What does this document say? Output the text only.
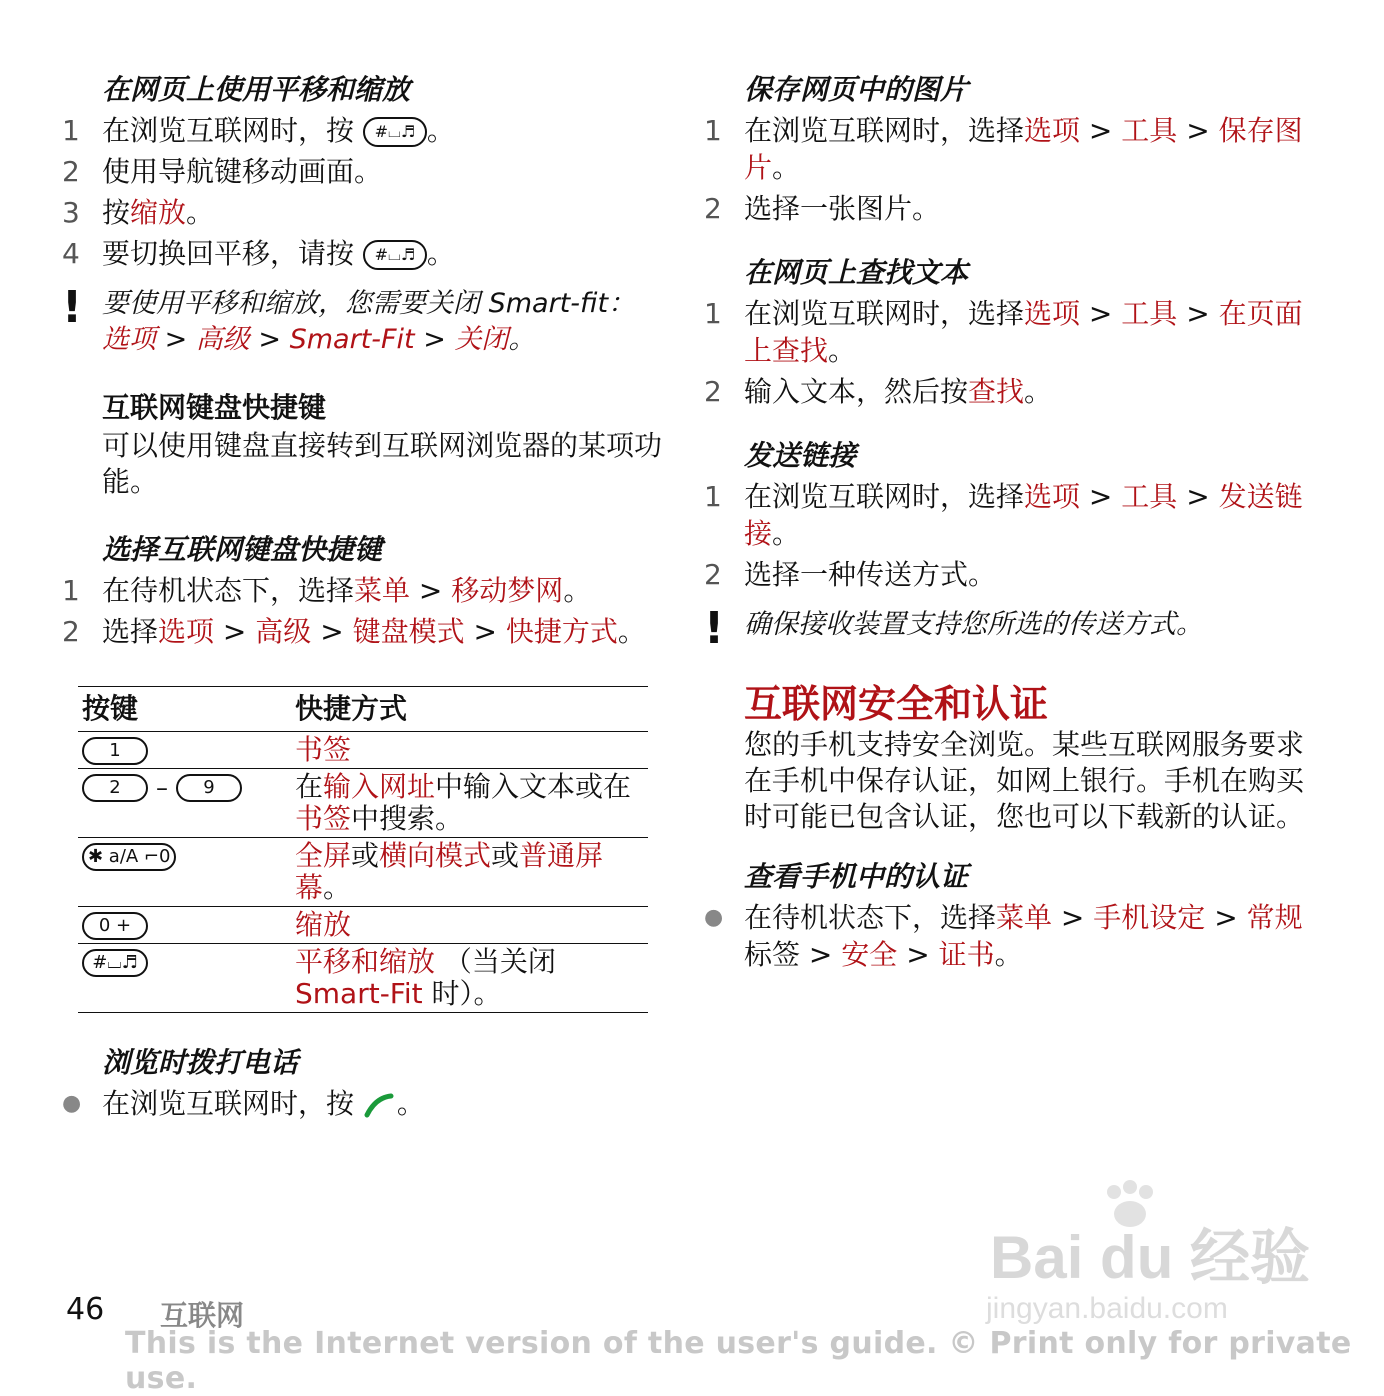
在网页上使用平移和缩放
1 在浏览互联网时，按 #⌴♬ 。
2 使用导航键移动画面。
3 按缩放。
4 要切换回平移，请按 #⌴♬ 。
! 要使用平移和缩放，您需要关闭 Smart-fit：选项 > 高级 > Smart-Fit > 关闭。
互联网键盘快捷键
可以使用键盘直接转到互联网浏览器的某项功能。
选择互联网键盘快捷键
1 在待机状态下，选择菜单 > 移动梦网。
2 选择选项 > 高级 > 键盘模式 > 快捷方式。
按键	快捷方式
1	书签
2 – 9	在输入网址中输入文本或在书签中搜索。
✱ a/A ⌐0	全屏或横向模式或普通屏幕。
0 +	缩放
#⌴♬	平移和缩放 （当关闭 Smart-Fit 时）。
浏览时拨打电话
● 在浏览互联网时，按 。
保存网页中的图片
1 在浏览互联网时，选择选项 > 工具 > 保存图片。
2 选择一张图片。
在网页上查找文本
1 在浏览互联网时，选择选项 > 工具 > 在页面上查找。
2 输入文本，然后按查找。
发送链接
1 在浏览互联网时，选择选项 > 工具 > 发送链接。
2 选择一种传送方式。
! 确保接收装置支持您所选的传送方式。
互联网安全和认证
您的手机支持安全浏览。某些互联网服务要求在手机中保存认证，如网上银行。手机在购买时可能已包含认证，您也可以下载新的认证。
查看手机中的认证
● 在待机状态下，选择菜单 > 手机设定 > 常规标签 > 安全 > 证书。
Bai du 经验
jingyan.baidu.com
46 互联网
This is the Internet version of the user's guide. © Print only for private use.
